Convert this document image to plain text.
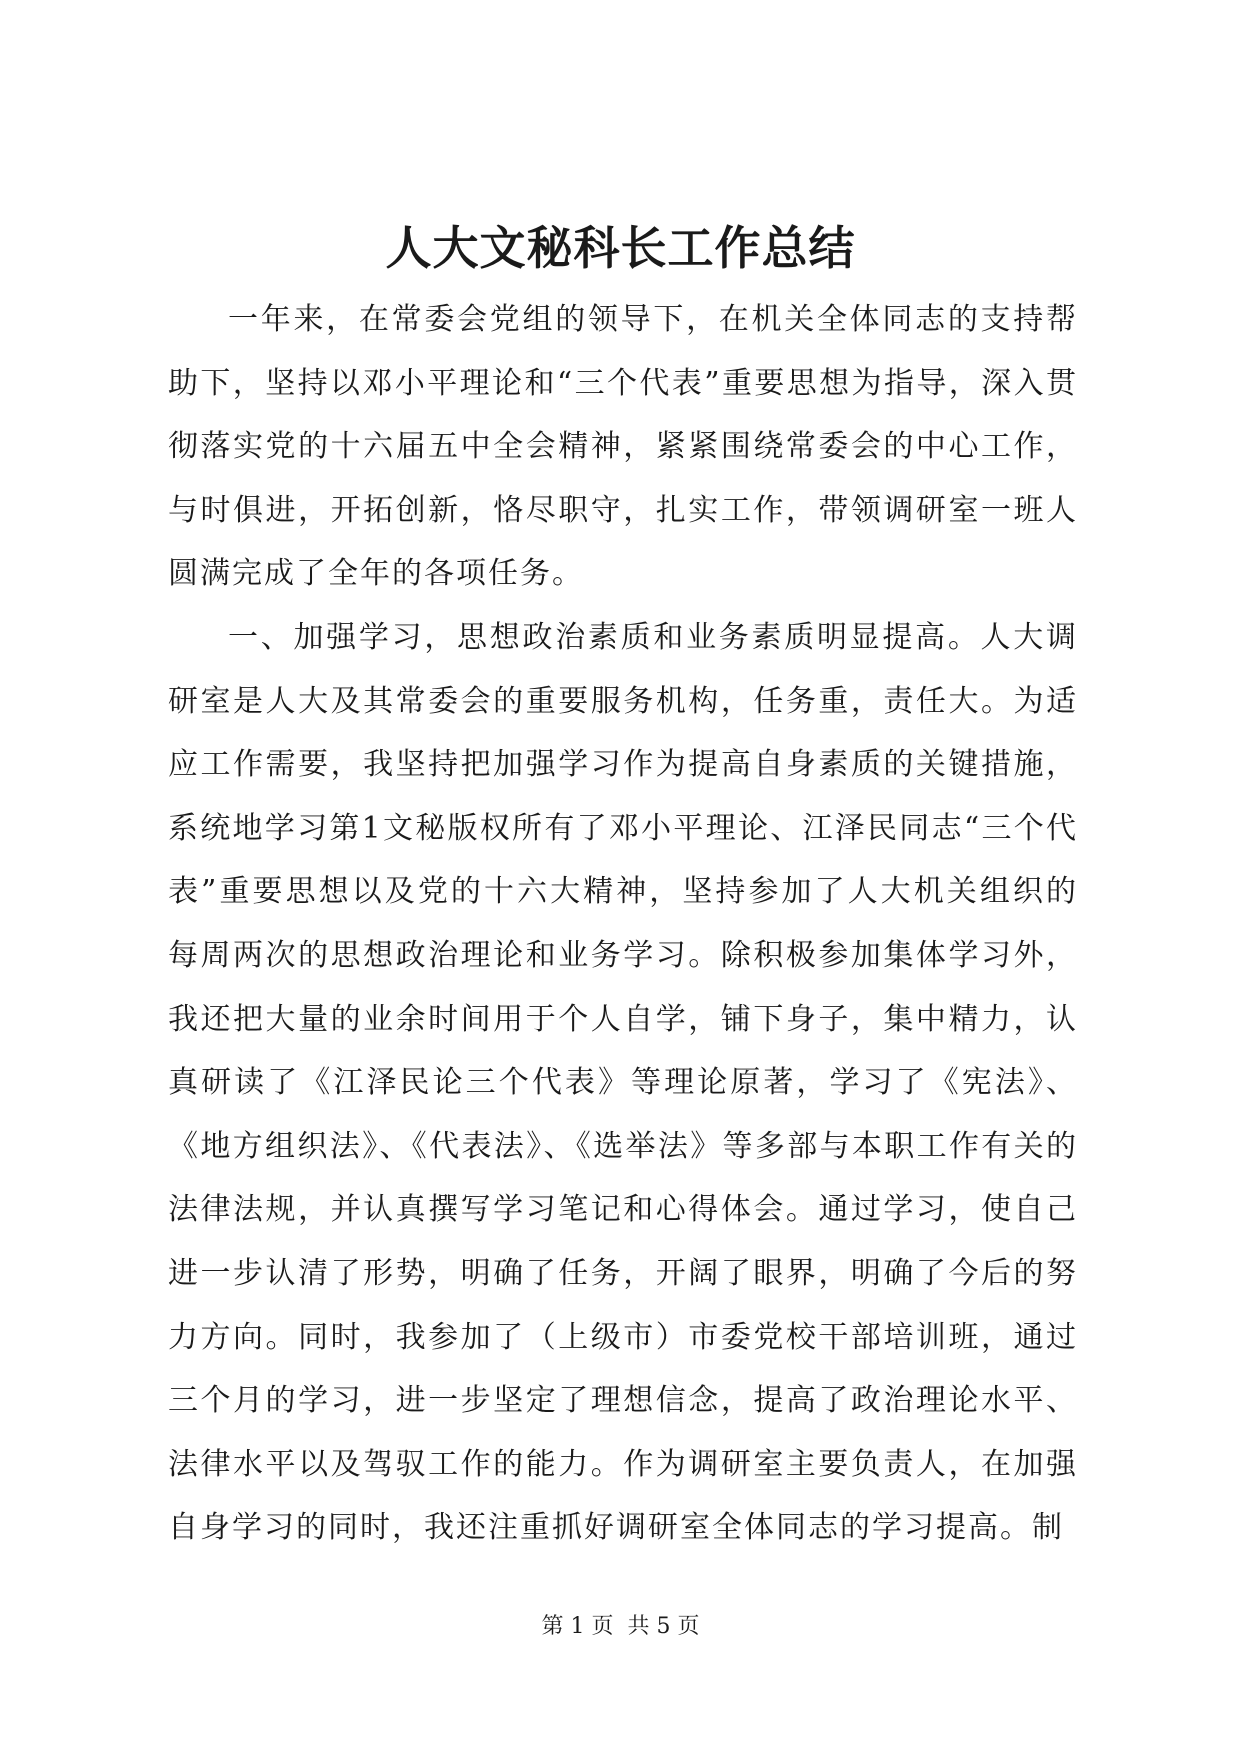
人大文秘科长工作总结

一年来，在常委会党组的领导下，在机关全体同志的支持帮助下，坚持以邓小平理论和“三个代表”重要思想为指导，深入贯彻落实党的十六届五中全会精神，紧紧围绕常委会的中心工作，与时俱进，开拓创新，恪尽职守，扎实工作，带领调研室一班人圆满完成了全年的各项任务。

一、加强学习，思想政治素质和业务素质明显提高。人大调研室是人大及其常委会的重要服务机构，任务重，责任大。为适应工作需要，我坚持把加强学习作为提高自身素质的关键措施，系统地学习第1文秘版权所有了邓小平理论、江泽民同志“三个代表”重要思想以及党的十六大精神，坚持参加了人大机关组织的每周两次的思想政治理论和业务学习。除积极参加集体学习外，我还把大量的业余时间用于个人自学，铺下身子，集中精力，认真研读了《江泽民论三个代表》等理论原著，学习了《宪法》、《地方组织法》、《代表法》、《选举法》等多部与本职工作有关的法律法规，并认真撰写学习笔记和心得体会。通过学习，使自己进一步认清了形势，明确了任务，开阔了眼界，明确了今后的努力方向。同时，我参加了（上级市）市委党校干部培训班，通过三个月的学习，进一步坚定了理想信念，提高了政治理论水平、法律水平以及驾驭工作的能力。作为调研室主要负责人，在加强自身学习的同时，我还注重抓好调研室全体同志的学习提高。制

第 1 页  共 5 页
